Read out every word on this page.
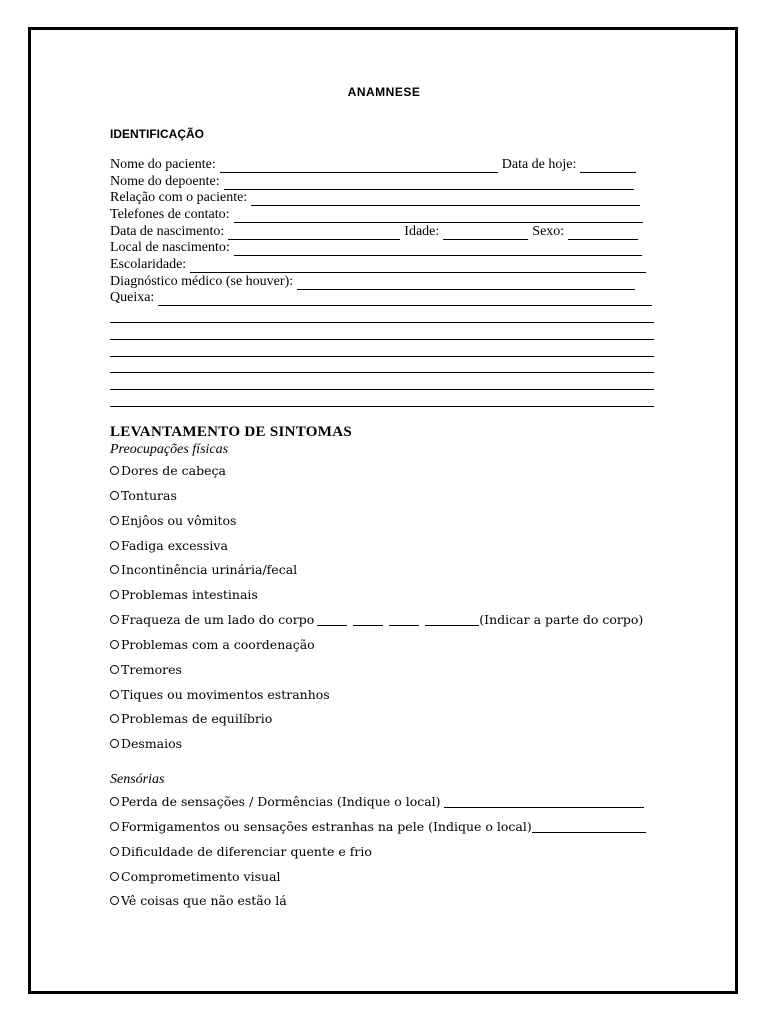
ANAMNESE
IDENTIFICAÇÃO
Nome do paciente:	Data de hoje:
Nome do depoente:
Relação com o paciente:
Telefones de contato:
Data de nascimento:	Idade:	Sexo:
Local de nascimento:
Escolaridade:
Diagnóstico médico (se houver):
Queixa:
LEVANTAMENTO DE SINTOMAS
Preocupações físicas
Dores de cabeça
Tonturas
Enjôos ou vômitos
Fadiga excessiva
Incontinência urinária/fecal
Problemas intestinais
Fraqueza de um lado do corpo	(Indicar a parte do corpo)
Problemas com a coordenação
Tremores
Tiques ou movimentos estranhos
Problemas de equilíbrio
Desmaios
Sensórias
Perda de sensações / Dormências (Indique o local)
Formigamentos ou sensações estranhas na pele (Indique o local)
Dificuldade de diferenciar quente e frio
Comprometimento visual
Vê coisas que não estão lá
